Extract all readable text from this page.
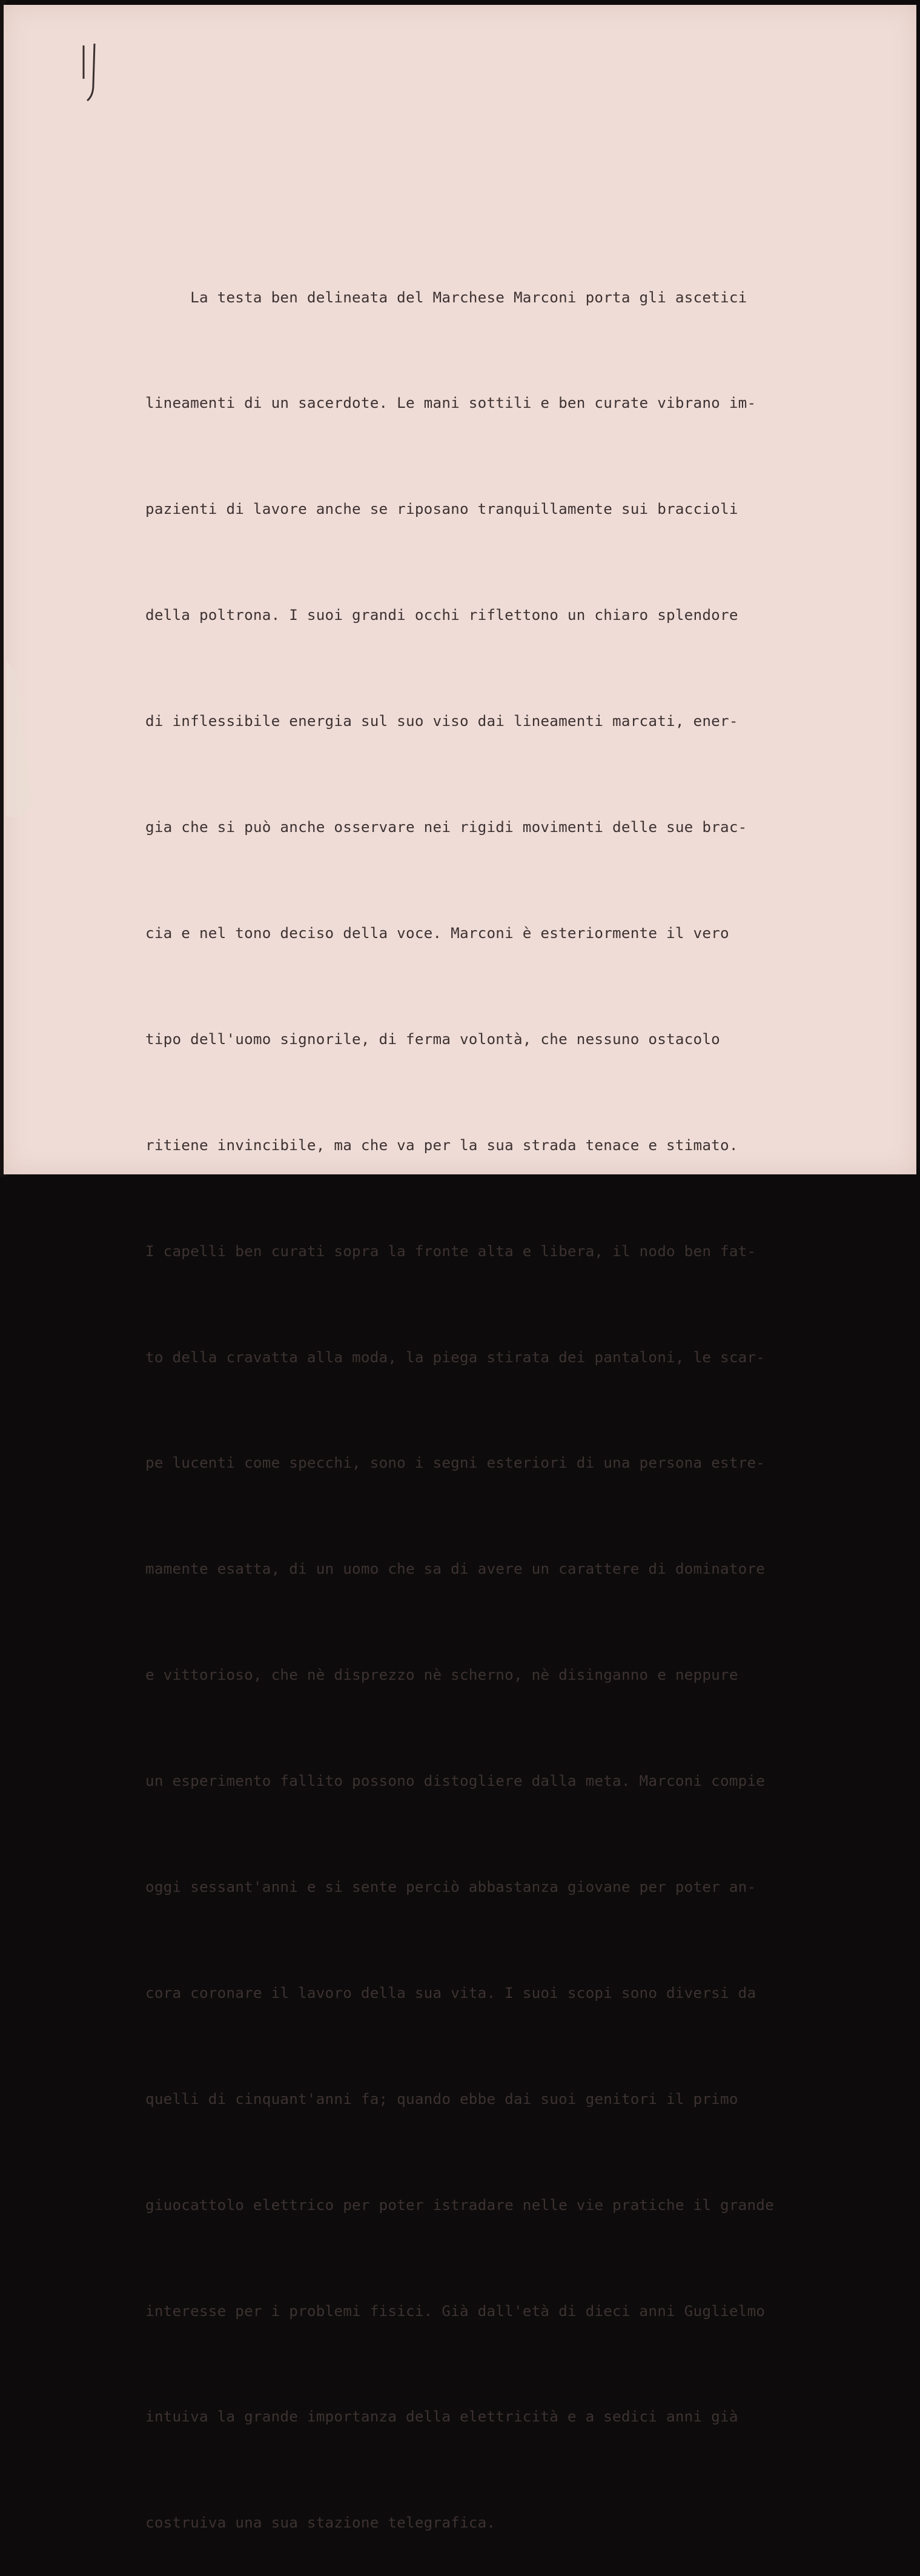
La testa ben delineata del Marchese Marconi porta gli ascetici

lineamenti di un sacerdote. Le mani sottili e ben curate vibrano im-

pazienti di lavore anche se riposano tranquillamente sui braccioli

della poltrona. I suoi grandi occhi riflettono un chiaro splendore

di inflessibile energia sul suo viso dai lineamenti marcati, ener-

gia che si può anche osservare nei rigidi movimenti delle sue brac-

cia e nel tono deciso della voce. Marconi è esteriormente il vero

tipo dell'uomo signorile, di ferma volontà, che nessuno ostacolo

ritiene invincibile, ma che va per la sua strada tenace e stimato.

I capelli ben curati sopra la fronte alta e libera, il nodo ben fat-

to della cravatta alla moda, la piega stirata dei pantaloni, le scar-

pe lucenti come specchi, sono i segni esteriori di una persona estre-

mamente esatta, di un uomo che sa di avere un carattere di dominatore

e vittorioso, che nè disprezzo nè scherno, nè disinganno e neppure

un esperimento fallito possono distogliere dalla meta. Marconi compie

oggi sessant'anni e si sente perciò abbastanza giovane per poter an-

cora coronare il lavoro della sua vita. I suoi scopi sono diversi da

quelli di cinquant'anni fa; quando ebbe dai suoi genitori il primo

giuocattolo elettrico per poter istradare nelle vie pratiche il grande

interesse per i problemi fisici. Già dall'età di dieci anni Guglielmo

intuiva la grande importanza della elettricità e a sedici anni già

costruiva una sua stazione telegrafica.
